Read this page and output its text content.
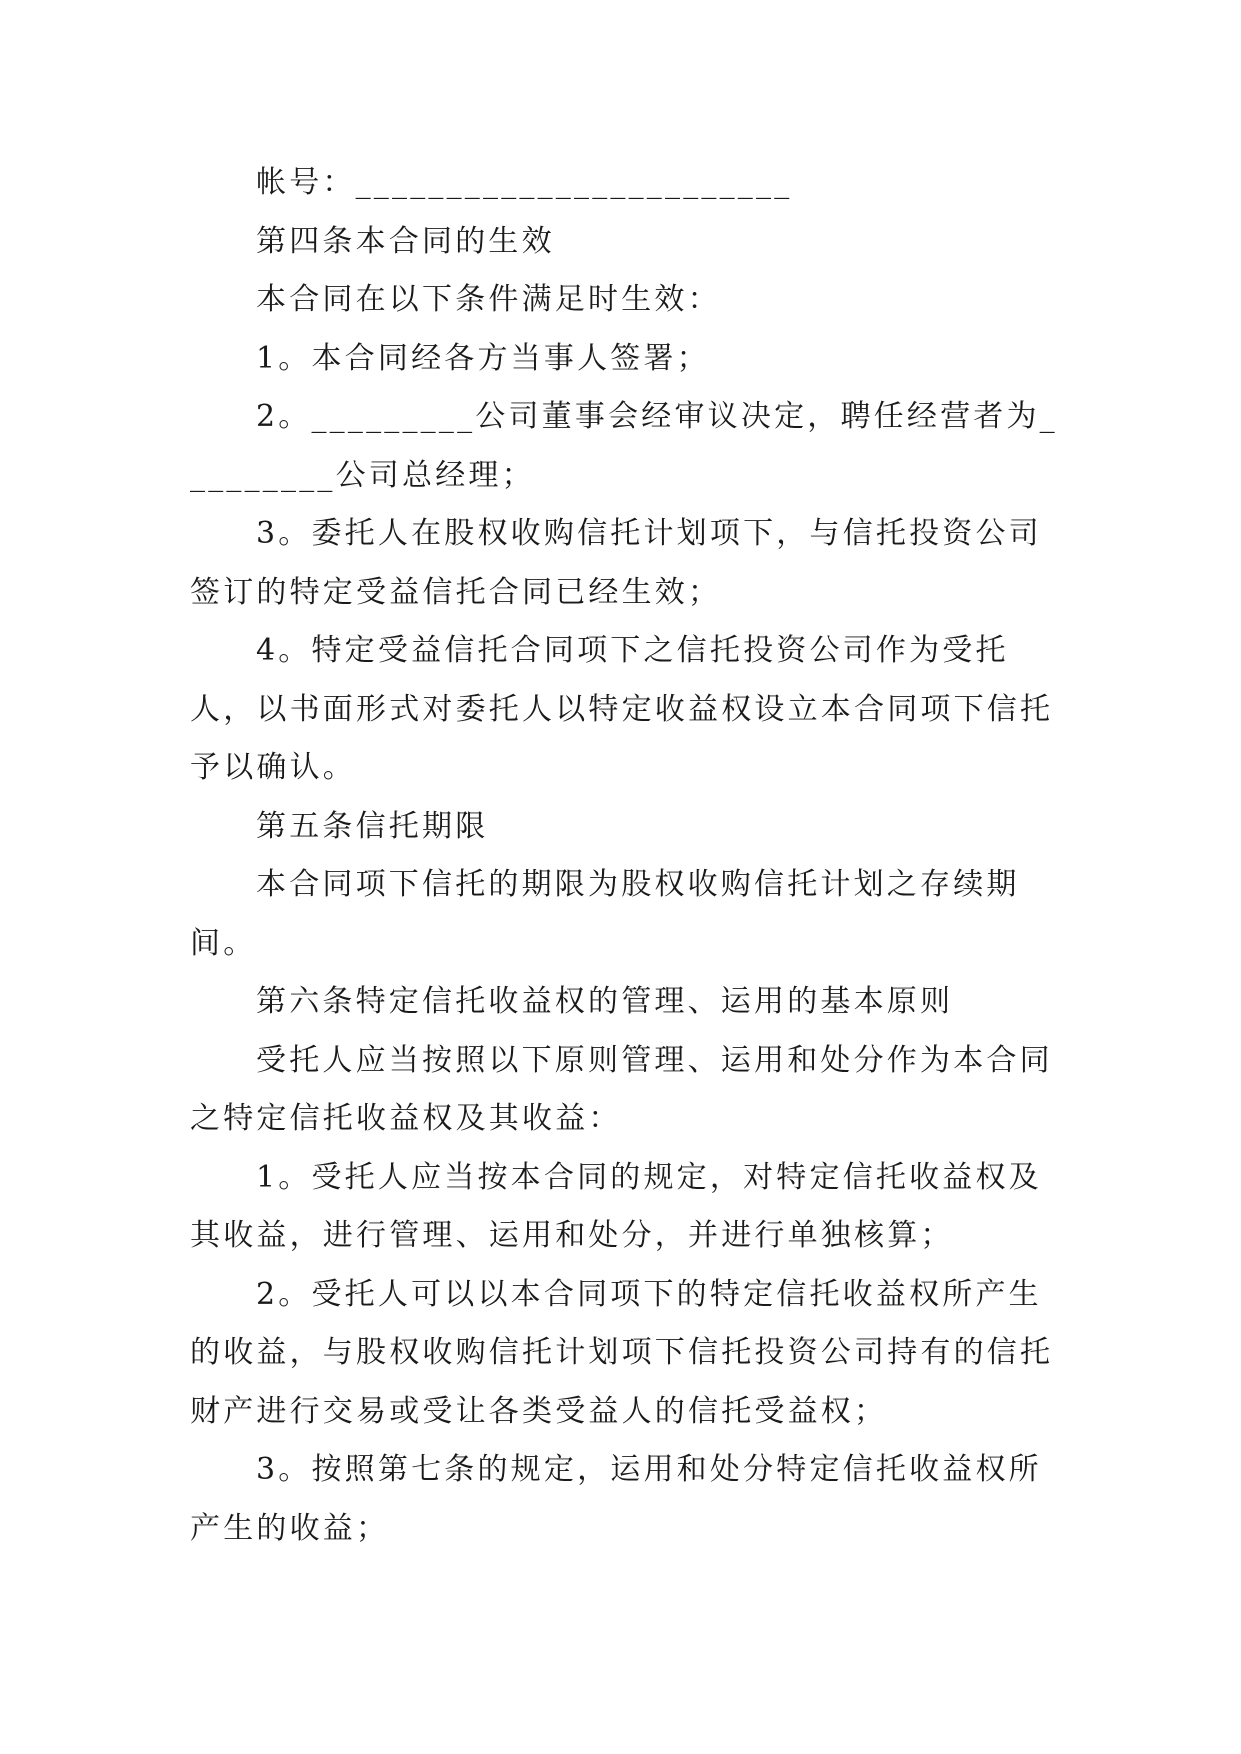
帐号：________________________

第四条本合同的生效

本合同在以下条件满足时生效：

1。本合同经各方当事人签署；

2。_________公司董事会经审议决定，聘任经营者为_________公司总经理；

3。委托人在股权收购信托计划项下，与信托投资公司签订的特定受益信托合同已经生效；

4。特定受益信托合同项下之信托投资公司作为受托人，以书面形式对委托人以特定收益权设立本合同项下信托予以确认。

第五条信托期限

本合同项下信托的期限为股权收购信托计划之存续期间。

第六条特定信托收益权的管理、运用的基本原则

受托人应当按照以下原则管理、运用和处分作为本合同之特定信托收益权及其收益：

1。受托人应当按本合同的规定，对特定信托收益权及其收益，进行管理、运用和处分，并进行单独核算；

2。受托人可以以本合同项下的特定信托收益权所产生的收益，与股权收购信托计划项下信托投资公司持有的信托财产进行交易或受让各类受益人的信托受益权；

3。按照第七条的规定，运用和处分特定信托收益权所产生的收益；
